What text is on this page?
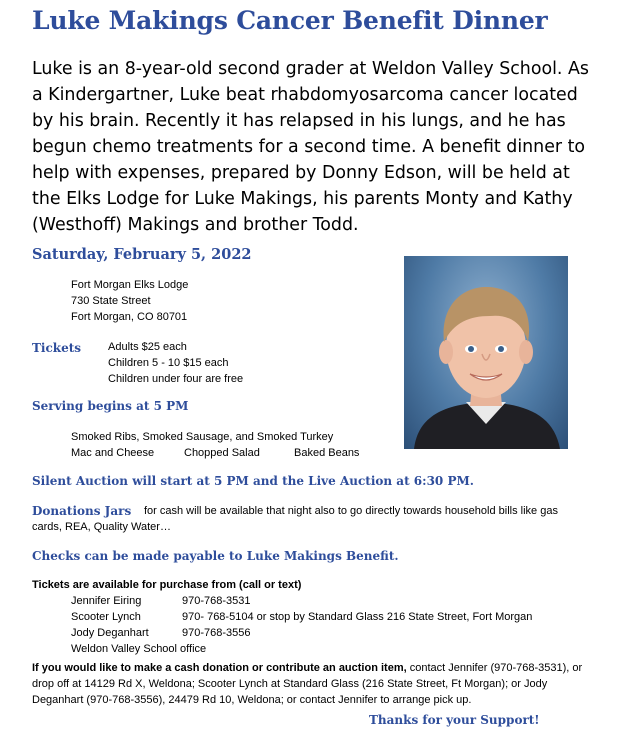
Luke Makings Cancer Benefit Dinner
Luke is an 8-year-old second grader at Weldon Valley School. As a Kindergartner, Luke beat rhabdomyosarcoma cancer located by his brain. Recently it has relapsed in his lungs, and he has begun chemo treatments for a second time. A benefit dinner to help with expenses, prepared by Donny Edson, will be held at the Elks Lodge for Luke Makings, his parents Monty and Kathy (Westhoff) Makings and brother Todd.
Saturday, February 5, 2022
Fort Morgan Elks Lodge
730 State Street
Fort Morgan, CO 80701
Tickets Adults $25 each
Children 5 - 10 $15 each
Children under four are free
Serving begins at 5 PM
Smoked Ribs, Smoked Sausage, and Smoked Turkey
Mac and Cheese	Chopped Salad	Baked Beans
Silent Auction will start at 5 PM and the Live Auction at 6:30 PM.
Donations Jars for cash will be available that night also to go directly towards household bills like gas
cards, REA, Quality Water…
Checks can be made payable to Luke Makings Benefit.
Tickets are available for purchase from (call or text)
Jennifer Eiring	970-768-3531
Scooter Lynch	970- 768-5104 or stop by Standard Glass 216 State Street, Fort Morgan
Jody Deganhart	970-768-3556
Weldon Valley School office
If you would like to make a cash donation or contribute an auction item, contact Jennifer (970-768-3531), or
drop off at 14129 Rd X, Weldona; Scooter Lynch at Standard Glass (216 State Street, Ft Morgan); or Jody
Deganhart (970-768-3556), 24479 Rd 10, Weldona; or contact Jennifer to arrange pick up.
Thanks for your Support!
